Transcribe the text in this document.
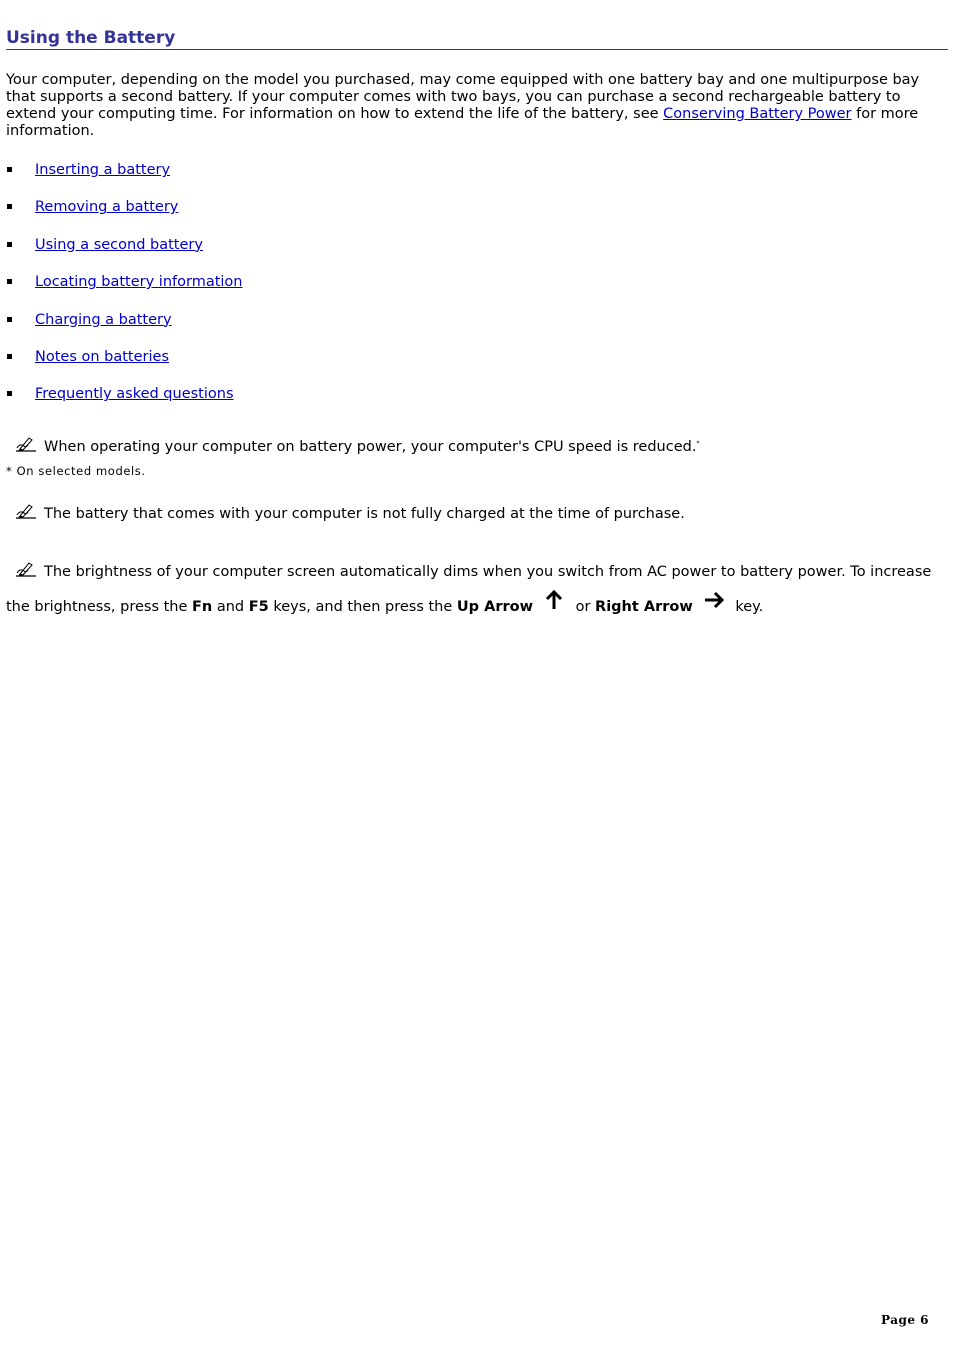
Using the Battery

Your computer, depending on the model you purchased, may come equipped with one battery bay and one multipurpose bay that supports a second battery. If your computer comes with two bays, you can purchase a second rechargeable battery to extend your computing time. For information on how to extend the life of the battery, see Conserving Battery Power for more information.

Inserting a battery
Removing a battery
Using a second battery
Locating battery information
Charging a battery
Notes on batteries
Frequently asked questions

When operating your computer on battery power, your computer's CPU speed is reduced.*

* On selected models.

The battery that comes with your computer is not fully charged at the time of purchase.

The brightness of your computer screen automatically dims when you switch from AC power to battery power. To increase the brightness, press the Fn and F5 keys, and then press the Up Arrow	or Right Arrow	key.

Page 6
